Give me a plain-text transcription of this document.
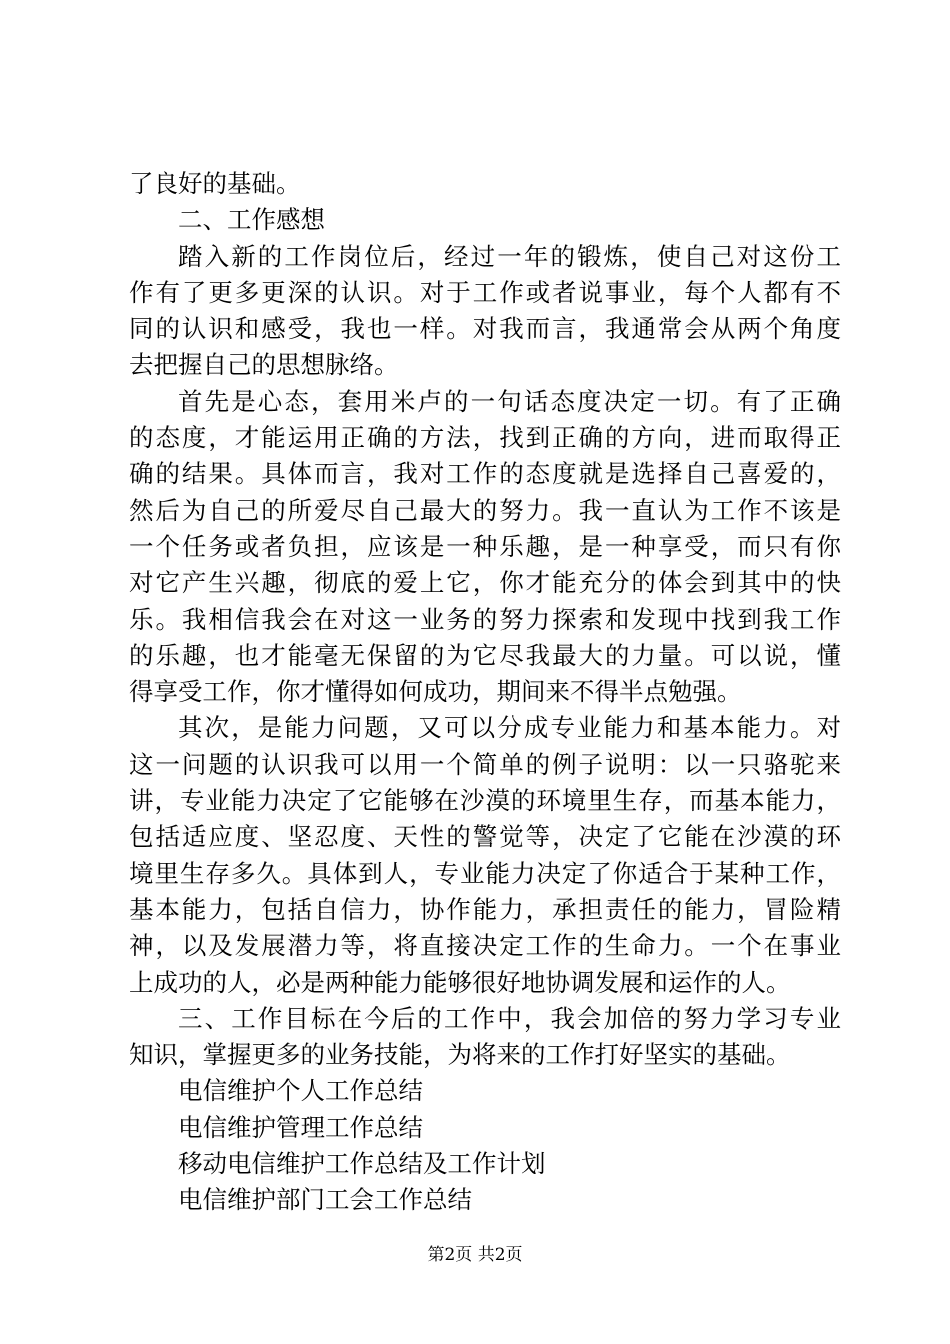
了良好的基础。
二、工作感想
踏入新的工作岗位后，经过一年的锻炼，使自己对这份工
作有了更多更深的认识。对于工作或者说事业，每个人都有不
同的认识和感受，我也一样。对我而言，我通常会从两个角度
去把握自己的思想脉络。
首先是心态，套用米卢的一句话态度决定一切。有了正确
的态度，才能运用正确的方法，找到正确的方向，进而取得正
确的结果。具体而言，我对工作的态度就是选择自己喜爱的，
然后为自己的所爱尽自己最大的努力。我一直认为工作不该是
一个任务或者负担，应该是一种乐趣，是一种享受，而只有你
对它产生兴趣，彻底的爱上它，你才能充分的体会到其中的快
乐。我相信我会在对这一业务的努力探索和发现中找到我工作
的乐趣，也才能毫无保留的为它尽我最大的力量。可以说，懂
得享受工作，你才懂得如何成功，期间来不得半点勉强。
其次，是能力问题，又可以分成专业能力和基本能力。对
这一问题的认识我可以用一个简单的例子说明：以一只骆驼来
讲，专业能力决定了它能够在沙漠的环境里生存，而基本能力，
包括适应度、坚忍度、天性的警觉等，决定了它能在沙漠的环
境里生存多久。具体到人，专业能力决定了你适合于某种工作，
基本能力，包括自信力，协作能力，承担责任的能力，冒险精
神，以及发展潜力等，将直接决定工作的生命力。一个在事业
上成功的人，必是两种能力能够很好地协调发展和运作的人。
三、工作目标在今后的工作中，我会加倍的努力学习专业
知识，掌握更多的业务技能，为将来的工作打好坚实的基础。
电信维护个人工作总结
电信维护管理工作总结
移动电信维护工作总结及工作计划
电信维护部门工会工作总结
第2页 共2页
